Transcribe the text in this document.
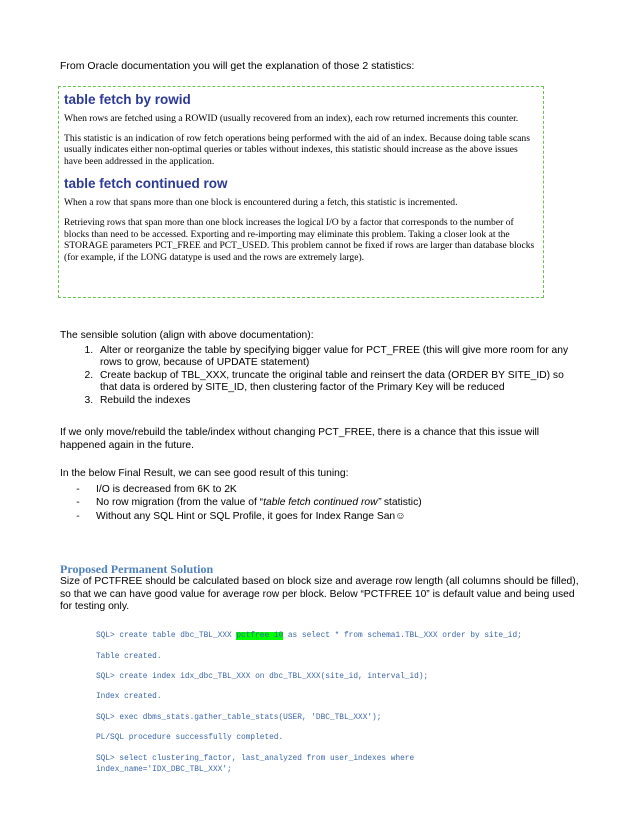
From Oracle documentation you will get the explanation of those 2 statistics:
table fetch by rowid

When rows are fetched using a ROWID (usually recovered from an index), each row returned increments this counter.

This statistic is an indication of row fetch operations being performed with the aid of an index. Because doing table scans usually indicates either non-optimal queries or tables without indexes, this statistic should increase as the above issues have been addressed in the application.

table fetch continued row

When a row that spans more than one block is encountered during a fetch, this statistic is incremented.

Retrieving rows that span more than one block increases the logical I/O by a factor that corresponds to the number of blocks than need to be accessed. Exporting and re-importing may eliminate this problem. Taking a closer look at the STORAGE parameters PCT_FREE and PCT_USED. This problem cannot be fixed if rows are larger than database blocks (for example, if the LONG datatype is used and the rows are extremely large).

The sensible solution (align with above documentation):
1. Alter or reorganize the table by specifying bigger value for PCT_FREE (this will give more room for any rows to grow, because of UPDATE statement)
2. Create backup of TBL_XXX, truncate the original table and reinsert the data (ORDER BY SITE_ID) so that data is ordered by SITE_ID, then clustering factor of the Primary Key will be reduced
3. Rebuild the indexes
If we only move/rebuild the table/index without changing PCT_FREE, there is a chance that this issue will happened again in the future.
In the below Final Result, we can see good result of this tuning:
-	I/O is decreased from 6K to 2K
-	No row migration (from the value of “table fetch continued row” statistic)
-	Without any SQL Hint or SQL Profile, it goes for Index Range San☺
Proposed Permanent Solution
Size of PCTFREE should be calculated based on block size and average row length (all columns should be filled), so that we can have good value for average row per block. Below “PCTFREE 10” is default value and being used for testing only.
SQL> create table dbc_TBL_XXX pctfree 10 as select * from schema1.TBL_XXX order by site_id;
Table created.
SQL> create index idx_dbc_TBL_XXX on dbc_TBL_XXX(site_id, interval_id);
Index created.
SQL> exec dbms_stats.gather_table_stats(USER, 'DBC_TBL_XXX');
PL/SQL procedure successfully completed.
SQL> select clustering_factor, last_analyzed from user_indexes where
index_name='IDX_DBC_TBL_XXX';
